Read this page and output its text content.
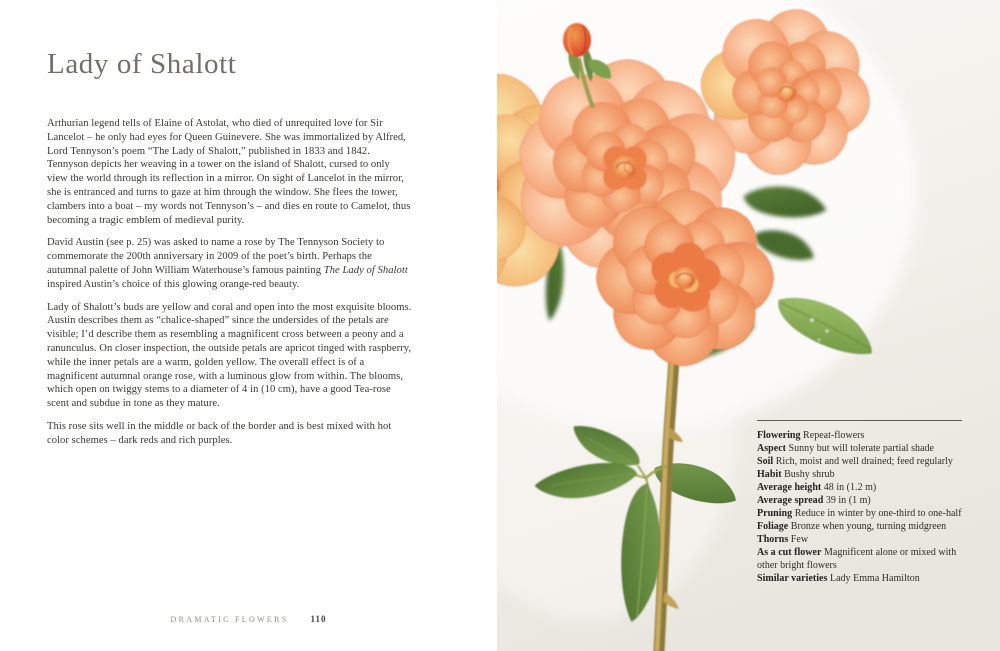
Lady of Shalott

Arthurian legend tells of Elaine of Astolat, who died of unrequited love for Sir Lancelot – he only had eyes for Queen Guinevere. She was immortalized by Alfred, Lord Tennyson’s poem “The Lady of Shalott,” published in 1833 and 1842. Tennyson depicts her weaving in a tower on the island of Shalott, cursed to only view the world through its reflection in a mirror. On sight of Lancelot in the mirror, she is entranced and turns to gaze at him through the window. She flees the tower, clambers into a boat – my words not Tennyson’s – and dies en route to Camelot, thus becoming a tragic emblem of medieval purity.

David Austin (see p. 25) was asked to name a rose by The Tennyson Society to commemorate the 200th anniversary in 2009 of the poet’s birth. Perhaps the autumnal palette of John William Waterhouse’s famous painting The Lady of Shalott inspired Austin’s choice of this glowing orange-red beauty.

Lady of Shalott’s buds are yellow and coral and open into the most exquisite blooms. Austin describes them as “chalice-shaped” since the undersides of the petals are visible; I’d describe them as resembling a magnificent cross between a peony and a ranunculus. On closer inspection, the outside petals are apricot tinged with raspberry, while the inner petals are a warm, golden yellow. The overall effect is of a magnificent autumnal orange rose, with a luminous glow from within. The blooms, which open on twiggy stems to a diameter of 4 in (10 cm), have a good Tea-rose scent and subdue in tone as they mature.

This rose sits well in the middle or back of the border and is best mixed with hot color schemes – dark reds and rich purples.

DRAMATIC FLOWERS 110
Flowering Repeat-flowers
Aspect Sunny but will tolerate partial shade
Soil Rich, moist and well drained; feed regularly
Habit Bushy shrub
Average height 48 in (1.2 m)
Average spread 39 in (1 m)
Pruning Reduce in winter by one-third to one-half
Foliage Bronze when young, turning midgreen
Thorns Few
As a cut flower Magnificent alone or mixed with other bright flowers
Similar varieties Lady Emma Hamilton
